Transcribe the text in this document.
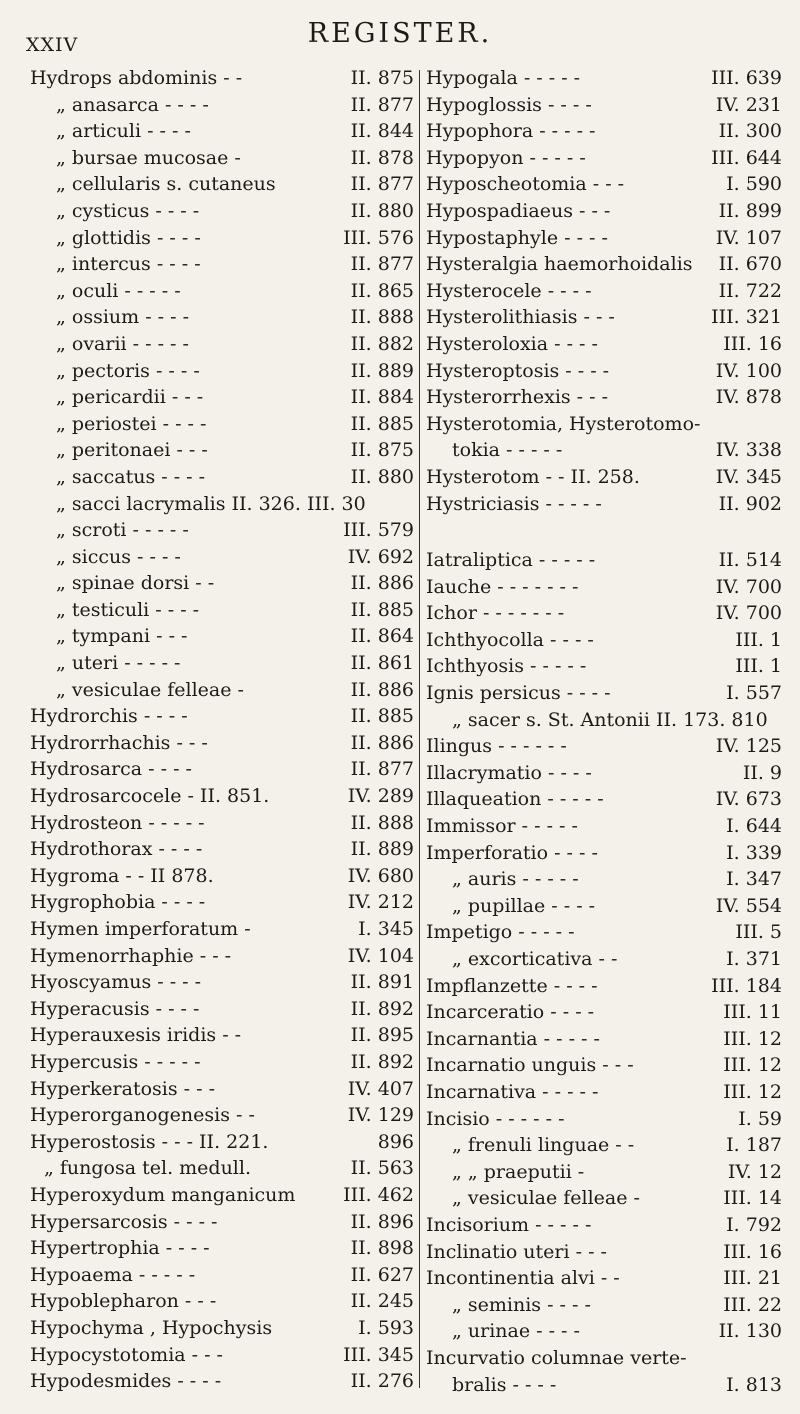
XXIV	REGISTER.
Hydrops abdominis - -	II. 875
„ anasarca - - - -	II. 877
„ articuli - - - -	II. 844
„ bursae mucosae -	II. 878
„ cellularis s. cutaneus	II. 877
„ cysticus - - - -	II. 880
„ glottidis - - - -	III. 576
„ intercus - - - -	II. 877
„ oculi - - - - -	II. 865
„ ossium - - - -	II. 888
„ ovarii - - - - -	II. 882
„ pectoris - - - -	II. 889
„ pericardii - - -	II. 884
„ periostei - - - -	II. 885
„ peritonaei - - -	II. 875
„ saccatus - - - -	II. 880
„ sacci lacrymalis II. 326. III. 30
„ scroti - - - - -	III. 579
„ siccus - - - -	IV. 692
„ spinae dorsi - -	II. 886
„ testiculi - - - -	II. 885
„ tympani - - -	II. 864
„ uteri - - - - -	II. 861
„ vesiculae felleae -	II. 886
Hydrorchis - - - -	II. 885
Hydrorrhachis - - -	II. 886
Hydrosarca - - - -	II. 877
Hydrosarcocele - II. 851.	IV. 289
Hydrosteon - - - - -	II. 888
Hydrothorax - - - -	II. 889
Hygroma - - II 878.	IV. 680
Hygrophobia - - - -	IV. 212
Hymen imperforatum -	I. 345
Hymenorrhaphie - - -	IV. 104
Hyoscyamus - - - -	II. 891
Hyperacusis - - - -	II. 892
Hyperauxesis iridis - -	II. 895
Hypercusis - - - - -	II. 892
Hyperkeratosis - - -	IV. 407
Hyperorganogenesis - -	IV. 129
Hyperostosis - - - II. 221.	896
„ fungosa tel. medull.	II. 563
Hyperoxydum manganicum	III. 462
Hypersarcosis - - - -	II. 896
Hypertrophia - - - -	II. 898
Hypoaema - - - - -	II. 627
Hypoblepharon - - -	II. 245
Hypochyma , Hypochysis	I. 593
Hypocystotomia - - -	III. 345
Hypodesmides - - - -	II. 276
Hypogala - - - - -	III. 639
Hypoglossis - - - -	IV. 231
Hypophora - - - - -	II. 300
Hypopyon - - - - -	III. 644
Hyposcheotomia - - -	I. 590
Hypospadiaeus - - -	II. 899
Hypostaphyle - - - -	IV. 107
Hysteralgia haemorhoidalis II. 670
Hysterocele - - - -	II. 722
Hysterolithiasis - - -	III. 321
Hysteroloxia - - - -	III. 16
Hysteroptosis - - - -	IV. 100
Hysterorrhexis - - -	IV. 878
Hysterotomia, Hysterotomo-
tokia - - - - -	IV. 338
Hysterotom - - II. 258.	IV. 345
Hystriciasis - - - - -	II. 902
Iatraliptica - - - - -	II. 514
Iauche - - - - - - -	IV. 700
Ichor - - - - - - -	IV. 700
Ichthyocolla - - - -	III. 1
Ichthyosis - - - - -	III. 1
Ignis persicus - - - -	I. 557
„ sacer s. St. Antonii II. 173. 810
Ilingus - - - - - -	IV. 125
Illacrymatio - - - -	II. 9
Illaqueation - - - - -	IV. 673
Immissor - - - - -	I. 644
Imperforatio - - - -	I. 339
„ auris - - - - -	I. 347
„ pupillae - - - -	IV. 554
Impetigo - - - - -	III. 5
„ excorticativa - -	I. 371
Impflanzette - - - -	III. 184
Incarceratio - - - -	III. 11
Incarnantia - - - - -	III. 12
Incarnatio unguis - - -	III. 12
Incarnativa - - - - -	III. 12
Incisio - - - - - -	I. 59
„ frenuli linguae - -	I. 187
„ „ praeputii -	IV. 12
„ vesiculae felleae -	III. 14
Incisorium - - - - -	I. 792
Inclinatio uteri - - -	III. 16
Incontinentia alvi - -	III. 21
„ seminis - - - -	III. 22
„ urinae - - - -	II. 130
Incurvatio columnae verte-
bralis - - - -	I. 813
